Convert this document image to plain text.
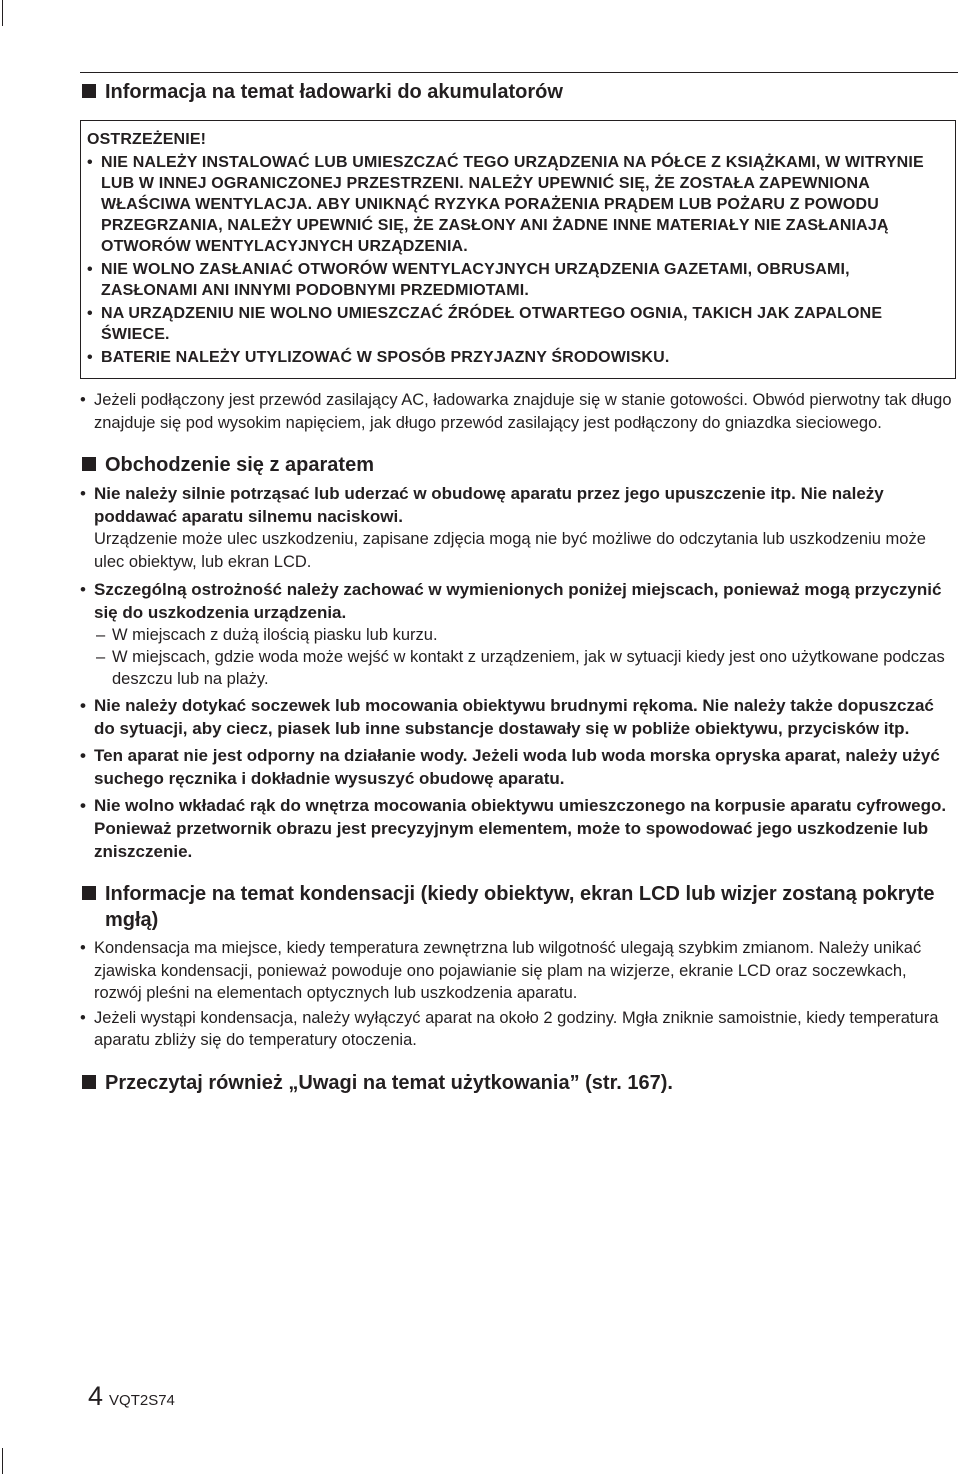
Informacja na temat ładowarki do akumulatorów
OSTRZEŻENIE!
• NIE NALEŻY INSTALOWAĆ LUB UMIESZCZAĆ TEGO URZĄDZENIA NA PÓŁCE Z KSIĄŻKAMI, W WITRYNIE LUB W INNEJ OGRANICZONEJ PRZESTRZENI. NALEŻY UPEWNIĆ SIĘ, ŻE ZOSTAŁA ZAPEWNIONA WŁAŚCIWA WENTYLACJA. ABY UNIKNĄĆ RYZYKA PORAŻENIA PRĄDEM LUB POŻARU Z POWODU PRZEGRZANIA, NALEŻY UPEWNIĆ SIĘ, ŻE ZASŁONY ANI ŻADNE INNE MATERIAŁY NIE ZASŁANIAJĄ OTWORÓW WENTYLACYJNYCH URZĄDZENIA.
• NIE WOLNO ZASŁANIAĆ OTWORÓW WENTYLACYJNYCH URZĄDZENIA GAZETAMI, OBRUSAMI, ZASŁONAMI ANI INNYMI PODOBNYMI PRZEDMIOTAMI.
• NA URZĄDZENIU NIE WOLNO UMIESZCZAĆ ŹRÓDEŁ OTWARTEGO OGNIA, TAKICH JAK ZAPALONE ŚWIECE.
• BATERIE NALEŻY UTYLIZOWAĆ W SPOSÓB PRZYJAZNY ŚRODOWISKU.
• Jeżeli podłączony jest przewód zasilający AC, ładowarka znajduje się w stanie gotowości. Obwód pierwotny tak długo znajduje się pod wysokim napięciem, jak długo przewód zasilający jest podłączony do gniazdka sieciowego.
Obchodzenie się z aparatem
• Nie należy silnie potrząsać lub uderzać w obudowę aparatu przez jego upuszczenie itp. Nie należy poddawać aparatu silnemu naciskowi.
Urządzenie może ulec uszkodzeniu, zapisane zdjęcia mogą nie być możliwe do odczytania lub uszkodzeniu może ulec obiektyw, lub ekran LCD.
• Szczególną ostrożność należy zachować w wymienionych poniżej miejscach, ponieważ mogą przyczynić się do uszkodzenia urządzenia.
– W miejscach z dużą ilością piasku lub kurzu.
– W miejscach, gdzie woda może wejść w kontakt z urządzeniem, jak w sytuacji kiedy jest ono użytkowane podczas deszczu lub na plaży.
• Nie należy dotykać soczewek lub mocowania obiektywu brudnymi rękoma. Nie należy także dopuszczać do sytuacji, aby ciecz, piasek lub inne substancje dostawały się w pobliże obiektywu, przycisków itp.
• Ten aparat nie jest odporny na działanie wody. Jeżeli woda lub woda morska opryska aparat, należy użyć suchego ręcznika i dokładnie wysuszyć obudowę aparatu.
• Nie wolno wkładać rąk do wnętrza mocowania obiektywu umieszczonego na korpusie aparatu cyfrowego. Ponieważ przetwornik obrazu jest precyzyjnym elementem, może to spowodować jego uszkodzenie lub zniszczenie.
Informacje na temat kondensacji (kiedy obiektyw, ekran LCD lub wizjer zostaną pokryte mgłą)
• Kondensacja ma miejsce, kiedy temperatura zewnętrzna lub wilgotność ulegają szybkim zmianom. Należy unikać zjawiska kondensacji, ponieważ powoduje ono pojawianie się plam na wizjerze, ekranie LCD oraz soczewkach, rozwój pleśni na elementach optycznych lub uszkodzenia aparatu.
• Jeżeli wystąpi kondensacja, należy wyłączyć aparat na około 2 godziny. Mgła zniknie samoistnie, kiedy temperatura aparatu zbliży się do temperatury otoczenia.
Przeczytaj również „Uwagi na temat użytkowania” (str. 167).
4 VQT2S74
